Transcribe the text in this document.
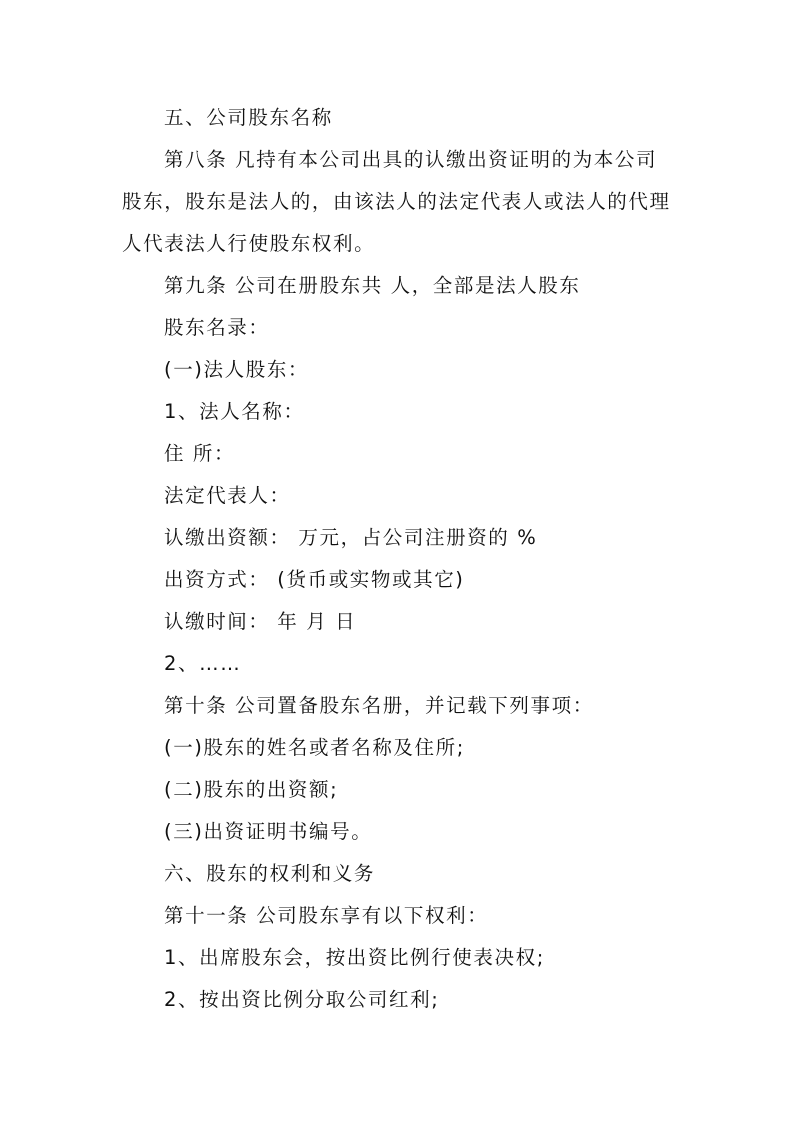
五、公司股东名称
第八条 凡持有本公司出具的认缴出资证明的为本公司
股东，股东是法人的，由该法人的法定代表人或法人的代理
人代表法人行使股东权利。
第九条 公司在册股东共 人，全部是法人股东
股东名录：
(一)法人股东：
1、法人名称：
住 所：
法定代表人：
认缴出资额： 万元，占公司注册资的 %
出资方式： (货币或实物或其它)
认缴时间： 年 月 日
2、……
第十条 公司置备股东名册，并记载下列事项：
(一)股东的姓名或者名称及住所;
(二)股东的出资额;
(三)出资证明书编号。
六、股东的权利和义务
第十一条 公司股东享有以下权利：
1、出席股东会，按出资比例行使表决权;
2、按出资比例分取公司红利;
